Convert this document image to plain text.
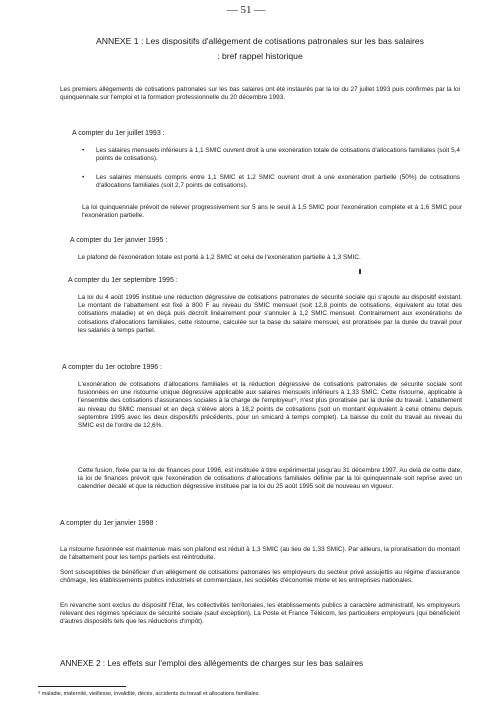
— 51 —
ANNEXE 1 : Les dispositifs d'allégement de cotisations patronales sur les bas salaires
: bref rappel historique
Les premiers allégements de cotisations patronales sur les bas salaires ont été instaurés par la loi du 27 juillet 1993 puis confirmés par la loi quinquennale sur l'emploi et la formation professionnelle du 20 décembre 1993.
A compter du 1er juillet 1993 :
• Les salaires mensuels inférieurs à 1,1 SMIC ouvrent droit à une exonération totale de cotisations d'allocations familiales (soit 5,4 points de cotisations).
• Les salaires mensuels compris entre 1,1 SMIC et 1,2 SMIC ouvrent droit à une exonération partielle (50%) de cotisations d'allocations familiales (soit 2,7 points de cotisations).
La loi quinquennale prévoit de relever progressivement sur 5 ans le seuil à 1,5 SMIC pour l'exonération complète et à 1,6 SMIC pour l'exonération partielle.
A compter du 1er janvier 1995 :
Le plafond de l'exonération totale est porté à 1,2 SMIC et celui de l'exonération partielle à 1,3 SMIC.
A compter du 1er septembre 1995 :
La loi du 4 août 1995 institue une réduction dégressive de cotisations patronales de sécurité sociale qui s'ajoute au dispositif existant. Le montant de l'abattement est fixé à 800 F au niveau du SMIC mensuel (soit 12,8 points de cotisations, équivalent au total des cotisations maladie) et en deçà puis décroît linéairement pour s'annuler à 1,2 SMIC mensuel. Contrairement aux exonérations de cotisations d'allocations familiales, cette ristourne, calculée sur la base du salaire mensuel, est proratisée par la durée du travail pour les salariés à temps partiel.
A compter du 1er octobre 1996 :
L'exonération de cotisations d'allocations familiales et la réduction dégressive de cotisations patronales de sécurité sociale sont fusionnées en une ristourne unique dégressive applicable aux salaires mensuels inférieurs à 1,33 SMIC. Cette ristourne, applicable à l'ensemble des cotisations d'assurances sociales à la charge de l'employeur⁹, n'est plus proratisée par la durée du travail. L'abattement au niveau du SMIC mensuel et en deçà s'élève alors à 18,2 points de cotisations (soit un montant équivalent à celui obtenu depuis septembre 1995 avec les deux dispositifs précédents, pour un smicard à temps complet). La baisse du coût du travail au niveau du SMIC est de l'ordre de 12,6%.
Cette fusion, fixée par la loi de finances pour 1996, est instituée à titre expérimental jusqu'au 31 décembre 1997. Au delà de cette date, la loi de finances prévoit que l'exonération de cotisations d'allocations familiales définie par la loi quinquennale soit reprise avec un calendrier décalé et que la réduction dégressive instituée par la loi du 25 août 1995 soit de nouveau en vigueur.
A compter du 1er janvier 1998 :
La ristourne fusionnée est maintenue mais son plafond est réduit à 1,3 SMIC (au lieu de 1,33 SMIC). Par ailleurs, la proratisation du montant de l'abattement pour les temps partiels est réintroduite.
Sont susceptibles de bénéficier d'un allégement de cotisations patronales les employeurs du secteur privé assujettis au régime d'assurance chômage, les établissements publics industriels et commerciaux, les sociétés d'économie mixte et les entreprises nationales.
En revanche sont exclus du dispositif l'Etat, les collectivités territoriales, les établissements publics à caractère administratif, les employeurs relevant des régimes spéciaux de sécurité sociale (sauf exception), La Poste et France Télécom, les particuliers employeurs (qui bénéficient d'autres dispositifs tels que les réductions d'impôt).
ANNEXE 2 : Les effets sur l'emploi des allégements de charges sur les bas salaires
⁹ maladie, maternité, vieillesse, invalidité, décès, accidents du travail et allocations familiales.
